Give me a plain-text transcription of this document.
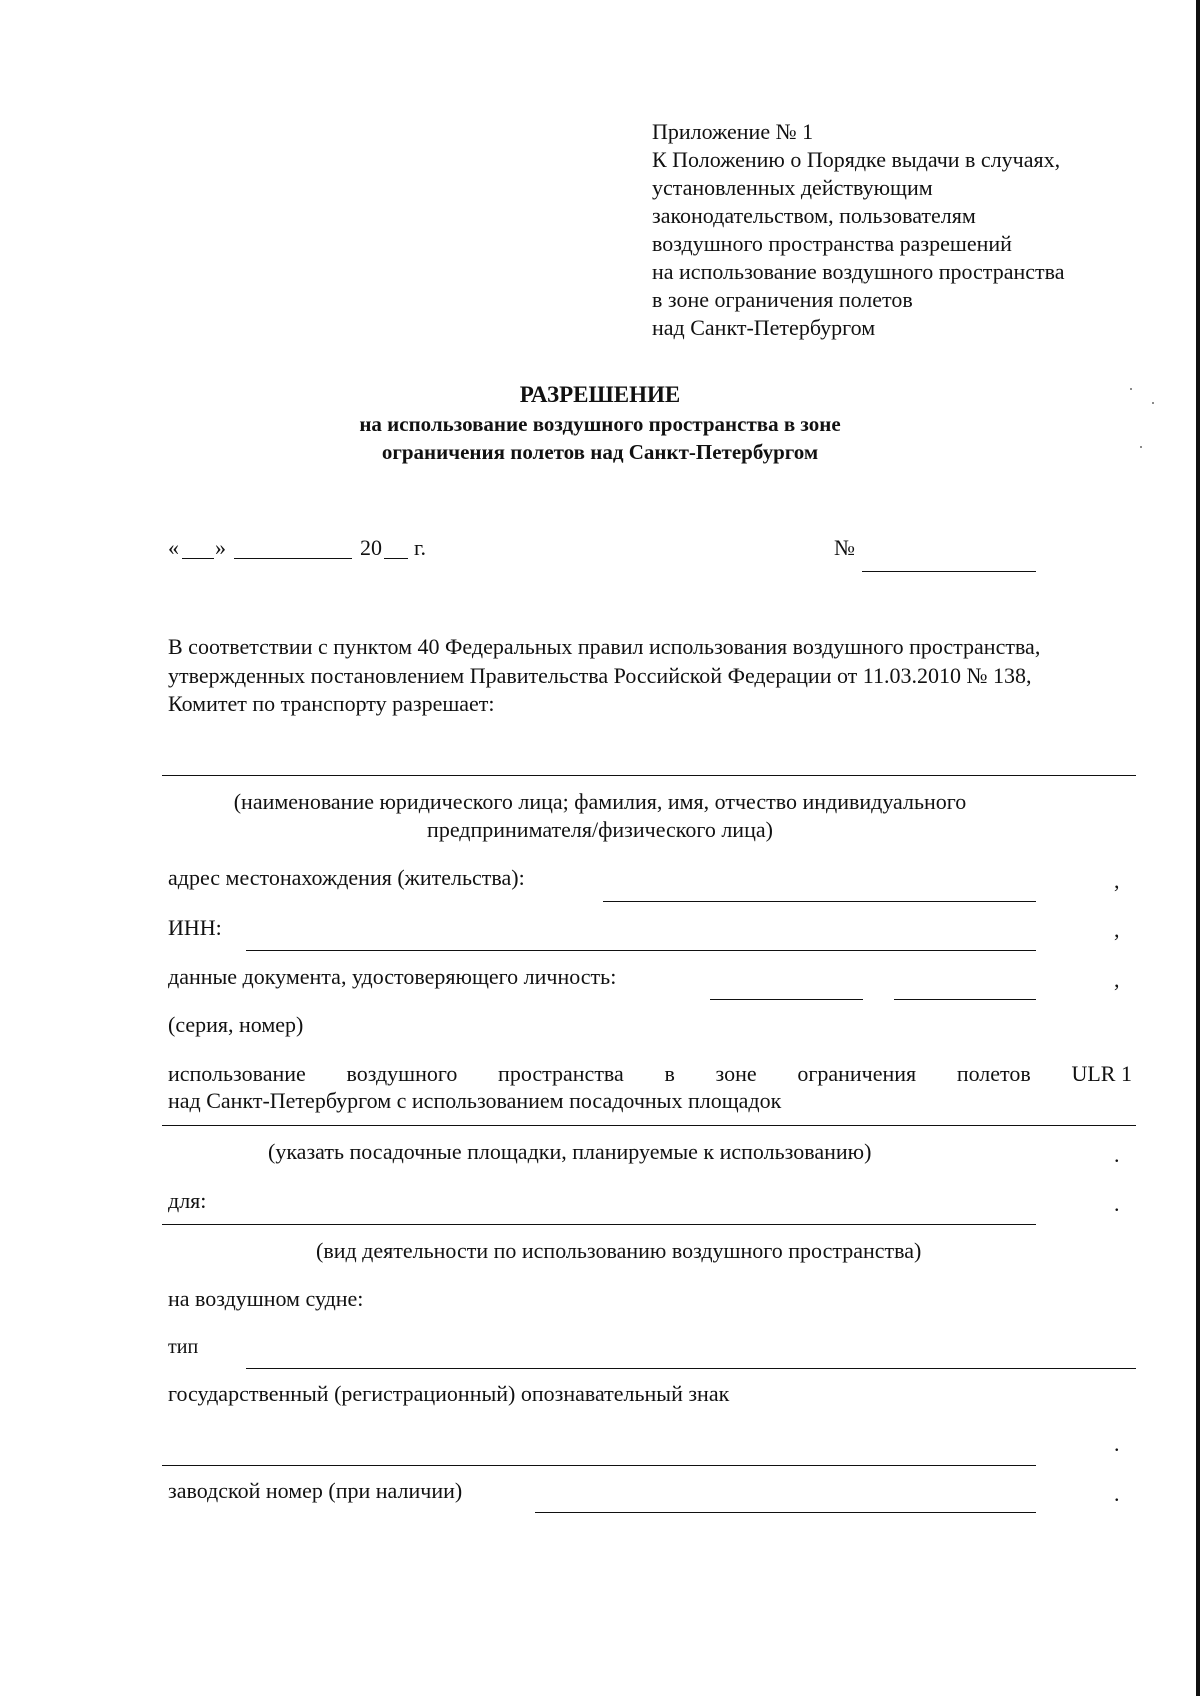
Приложение № 1
К Положению о Порядке выдачи в случаях,
установленных действующим
законодательством, пользователям
воздушного пространства разрешений
на использование воздушного пространства
в зоне ограничения полетов
над Санкт-Петербургом
РАЗРЕШЕНИЕ
на использование воздушного пространства в зоне
ограничения полетов над Санкт-Петербургом
« »	20 г.	№
В соответствии с пунктом 40 Федеральных правил использования воздушного пространства,
утвержденных постановлением Правительства Российской Федерации от 11.03.2010 № 138,
Комитет по транспорту разрешает:
(наименование юридического лица; фамилия, имя, отчество индивидуального
предпринимателя/физического лица)
адрес местонахождения (жительства):	,
ИНН:	,
данные документа, удостоверяющего личность:	,
(серия, номер)
использование воздушного пространства в зоне ограничения полетов ULR 1
над Санкт-Петербургом с использованием посадочных площадок
(указать посадочные площадки, планируемые к использованию)	.
для:	.
(вид деятельности по использованию воздушного пространства)
на воздушном судне:
тип
государственный (регистрационный) опознавательный знак
.
заводской номер (при наличии)	.
